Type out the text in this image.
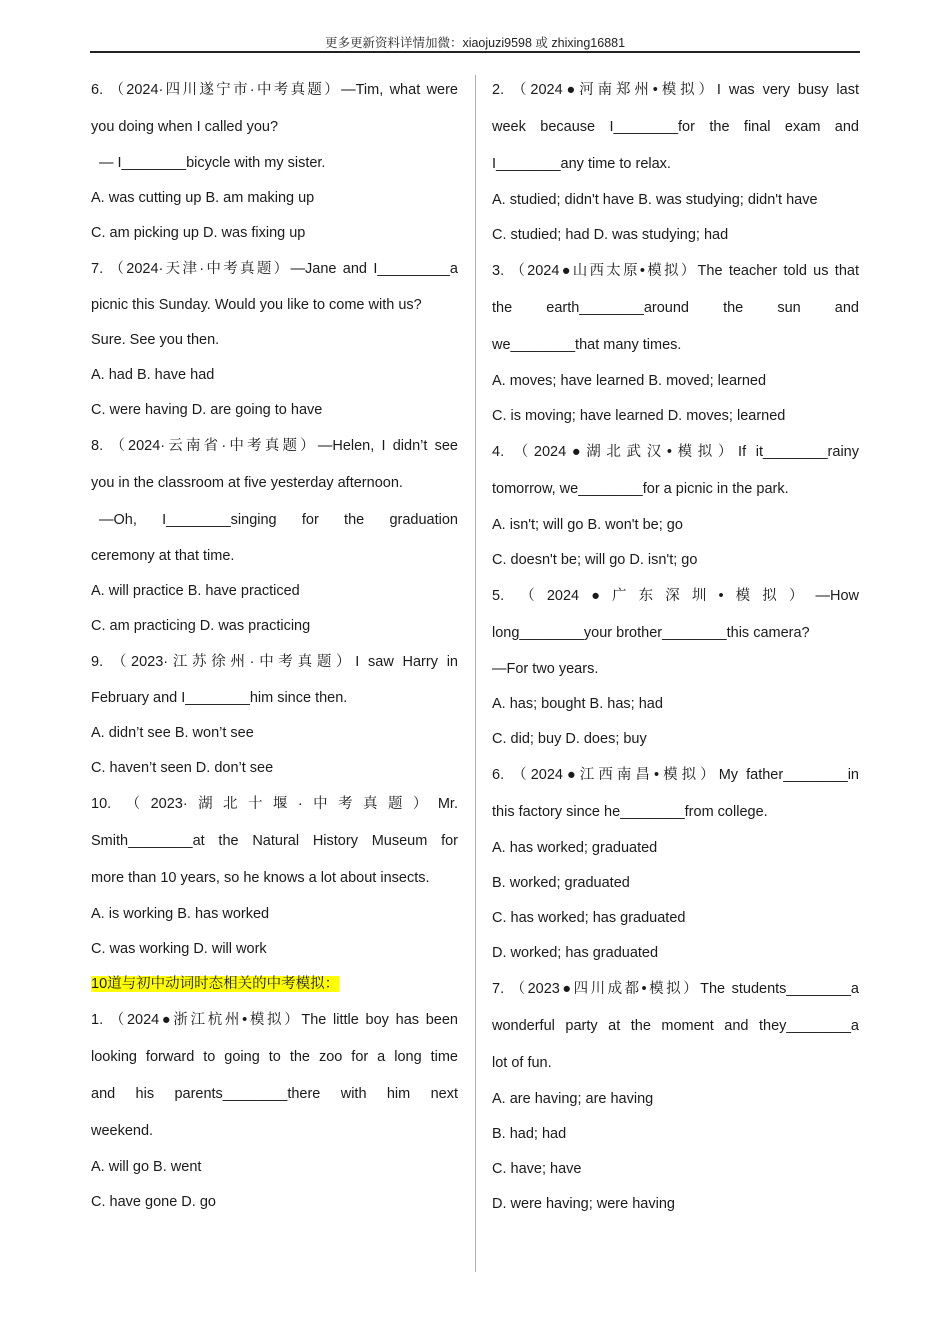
更多更新资料详情加微：xiaojuzi9598 或 zhixing16881
6. （2024·四川遂宁市·中考真题）—Tim, what were
you doing when I called you?
— I________bicycle with my sister.
A. was cutting up B. am making up
C. am picking up D. was fixing up
7. （2024·天津·中考真题）—Jane and I_________a
picnic this Sunday. Would you like to come with us?
Sure. See you then.
A. had B. have had
C. were having D. are going to have
8. （2024·云南省·中考真题）—Helen, I didn’t see
you in the classroom at five yesterday afternoon.
—Oh, I________singing for the graduation
ceremony at that time.
A. will practice B. have practiced
C. am practicing D. was practicing
9. （2023·江苏徐州·中考真题）I saw Harry in
February and I________him since then.
A. didn’t see B. won’t see
C. haven’t seen D. don’t see
10. （2023·湖北十堰·中考真题）Mr.
Smith________at the Natural History Museum for
more than 10 years, so he knows a lot about insects.
A. is working B. has worked
C. was working D. will work
10道与初中动词时态相关的中考模拟：
1. （2024●浙江杭州•模拟）The little boy has been
looking forward to going to the zoo for a long time
and his parents________there with him next
weekend.
A. will go B. went
C. have gone D. go
2. （2024●河南郑州•模拟）I was very busy last
week because I________for the final exam and
I________any time to relax.
A. studied; didn't have B. was studying; didn't have
C. studied; had D. was studying; had
3. （2024●山西太原•模拟）The teacher told us that
the earth________around the sun and
we________that many times.
A. moves; have learned B. moved; learned
C. is moving; have learned D. moves; learned
4. （2024●湖北武汉•模拟）If it________rainy
tomorrow, we________for a picnic in the park.
A. isn't; will go B. won't be; go
C. doesn't be; will go D. isn't; go
5. （2024●广东深圳•模拟）—How
long________your brother________this camera?
—For two years.
A. has; bought B. has; had
C. did; buy D. does; buy
6. （2024●江西南昌•模拟）My father________in
this factory since he________from college.
A. has worked; graduated
B. worked; graduated
C. has worked; has graduated
D. worked; has graduated
7. （2023●四川成都•模拟）The students________a
wonderful party at the moment and they________a
lot of fun.
A. are having; are having
B. had; had
C. have; have
D. were having; were having
